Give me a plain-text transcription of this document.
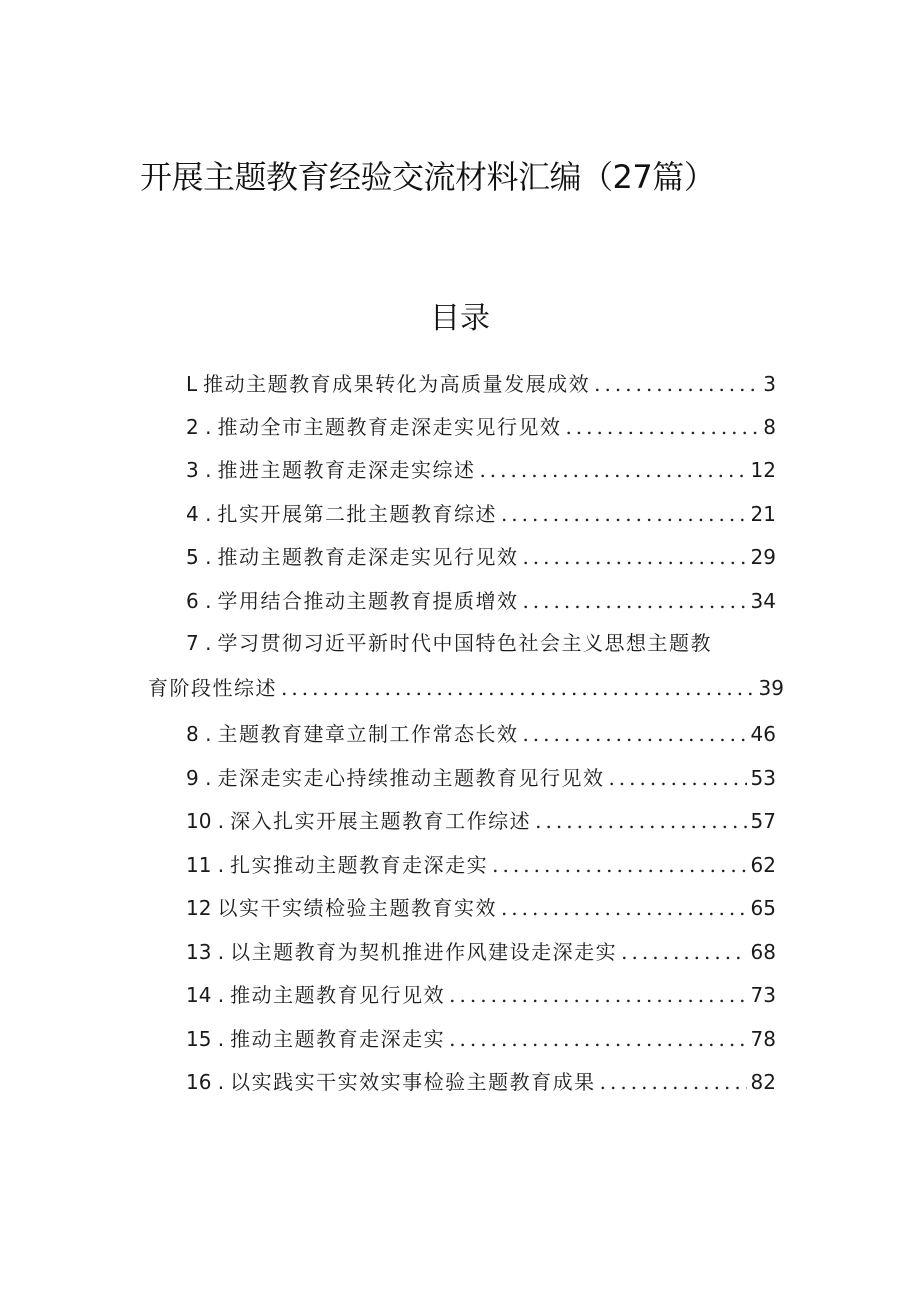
开展主题教育经验交流材料汇编（27篇）
目录
L 推动主题教育成果转化为高质量发展成效 .....	3
2 . 推动全市主题教育走深走实见行见效 .....	8
3 . 推进主题教育走深走实综述 .....	12
4 . 扎实开展第二批主题教育综述 .....	21
5 . 推动主题教育走深走实见行见效 .....	29
6 . 学用结合推动主题教育提质增效 .....	34
7 . 学习贯彻习近平新时代中国特色社会主义思想主题教
育阶段性综述 .....	39
8 . 主题教育建章立制工作常态长效 .....	46
9 . 走深走实走心持续推动主题教育见行见效 .....	53
10 . 深入扎实开展主题教育工作综述 .....	57
11 . 扎实推动主题教育走深走实 .....	62
12 以实干实绩检验主题教育实效 .....	65
13 . 以主题教育为契机推进作风建设走深走实 .....	68
14 . 推动主题教育见行见效 .....	73
15 . 推动主题教育走深走实 .....	78
16 . 以实践实干实效实事检验主题教育成果 .....	82
